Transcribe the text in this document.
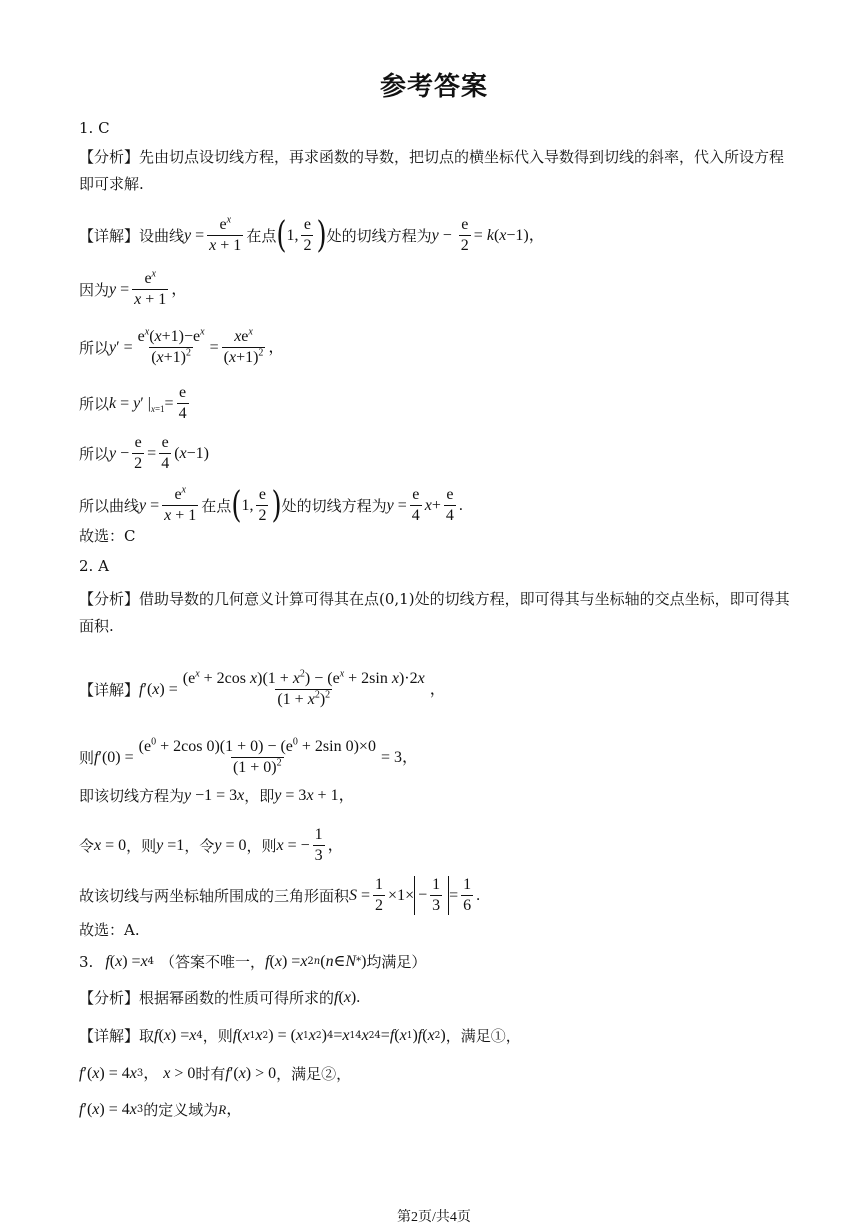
参考答案
1. C
【分析】先由切点设切线方程，再求函数的导数，把切点的横坐标代入导数得到切线的斜率，代入所设方程即可求解.
【详解】 设曲线 $y = \frac{e^x}{x + 1}$ 在点 ( 1, $\frac{e}{2}$ ) 处的切线方程为 $y - \frac{e}{2} = k$ ( x −1)，
因为 $y = \frac{e^x}{x + 1}$ ，
所以 y ′ = $\frac{e^x(x+1)-e^x}{(x+1)^2} = \frac{xe^x}{(x+1)^2}$ ，
所以 k = y ′ $|_{x=1}= \frac{e}{4}$
所以 $y - \frac{e}{2} = \frac{e}{4}$ ( x −1)
所以曲线 $y = \frac{e^x}{x + 1}$ 在点 ( 1, $\frac{e}{2}$ ) 处的切线方程为 $y = \frac{e}{4}$ $x + \frac{e}{4}$ .
故选：C
2. A
【分析】借助导数的几何意义计算可得其在点(0,1)处的切线方程，即可得其与坐标轴的交点坐标，即可得其面积.
【详解】 f ′( x ) = $\frac{(e^x + 2\cos x)(1 + x^2) - (e^x + 2\sin x)\cdot 2x}{(1 + x^2)^2}$ ，
则 f $'(0) = \frac{(e^0 + 2\cos 0)(1 + 0) - (e^0 + 2\sin 0)\times 0}{(1 + 0)^2} = 3$，
即该切线方程为 y −1 = 3 x ，即 y = 3 x + 1，
令 x = 0 ，则 y =1 ，令 y = 0 ，则 x = − $\frac{1}{3}$ ，
故该切线与两坐标轴所围成的三角形面积 $S = \frac{1}{2} \times 1\times - \frac{1}{3} = \frac{1}{6}$ .
故选：A.
3. f ( x ) = x 4 （答案不唯一， f ( x ) = x 2n ( n ∈ N * ) 均满足）
【分析】 根据幂函数的性质可得所求的 f ( x ).
【详解】 取 f ( x ) = x 4 ，则 f ( x 1 x 2 ) = ( x 1 x 2 ) 4 = x 1 4 x 2 4 = f ( x 1 ) f ( x 2 ) ，满足①，
f ′( x ) = 4 x 3 ， x > 0 时有 f ′( x ) > 0 ，满足②，
f ′( x ) = 4 x 3 的定义域为 R ，
第2页/共4页
